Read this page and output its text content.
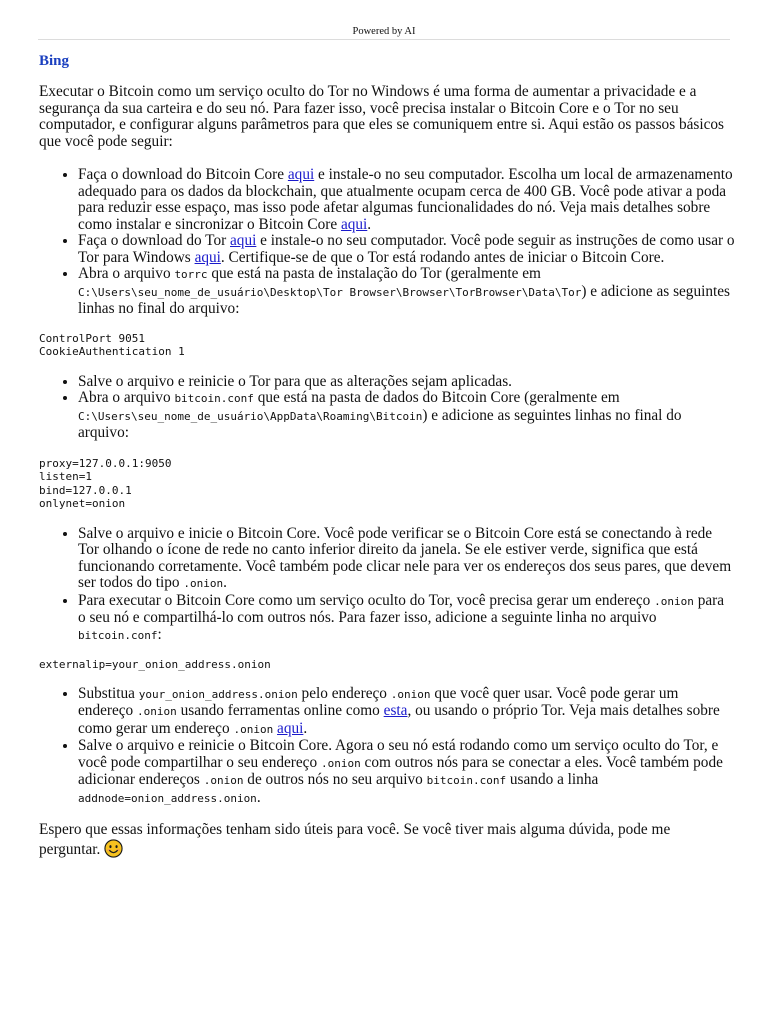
Powered by AI
Bing

Executar o Bitcoin como um serviço oculto do Tor no Windows é uma forma de aumentar a privacidade e a segurança da sua carteira e do seu nó. Para fazer isso, você precisa instalar o Bitcoin Core e o Tor no seu computador, e configurar alguns parâmetros para que eles se comuniquem entre si. Aqui estão os passos básicos que você pode seguir:

• Faça o download do Bitcoin Core aqui e instale-o no seu computador. Escolha um local de armazenamento adequado para os dados da blockchain, que atualmente ocupam cerca de 400 GB. Você pode ativar a poda para reduzir esse espaço, mas isso pode afetar algumas funcionalidades do nó. Veja mais detalhes sobre como instalar e sincronizar o Bitcoin Core aqui.
• Faça o download do Tor aqui e instale-o no seu computador. Você pode seguir as instruções de como usar o Tor para Windows aqui. Certifique-se de que o Tor está rodando antes de iniciar o Bitcoin Core.
• Abra o arquivo torrc que está na pasta de instalação do Tor (geralmente em C:\Users\seu_nome_de_usuário\Desktop\Tor Browser\Browser\TorBrowser\Data\Tor) e adicione as seguintes linhas no final do arquivo:
ControlPort 9051
CookieAuthentication 1
• Salve o arquivo e reinicie o Tor para que as alterações sejam aplicadas.
• Abra o arquivo bitcoin.conf que está na pasta de dados do Bitcoin Core (geralmente em C:\Users\seu_nome_de_usuário\AppData\Roaming\Bitcoin) e adicione as seguintes linhas no final do arquivo:
proxy=127.0.0.1:9050
listen=1
bind=127.0.0.1
onlynet=onion
• Salve o arquivo e inicie o Bitcoin Core. Você pode verificar se o Bitcoin Core está se conectando à rede Tor olhando o ícone de rede no canto inferior direito da janela. Se ele estiver verde, significa que está funcionando corretamente. Você também pode clicar nele para ver os endereços dos seus pares, que devem ser todos do tipo .onion.
• Para executar o Bitcoin Core como um serviço oculto do Tor, você precisa gerar um endereço .onion para o seu nó e compartilhá-lo com outros nós. Para fazer isso, adicione a seguinte linha no arquivo bitcoin.conf:
externalip=your_onion_address.onion
• Substitua your_onion_address.onion pelo endereço .onion que você quer usar. Você pode gerar um endereço .onion usando ferramentas online como esta, ou usando o próprio Tor. Veja mais detalhes sobre como gerar um endereço .onion aqui.
• Salve o arquivo e reinicie o Bitcoin Core. Agora o seu nó está rodando como um serviço oculto do Tor, e você pode compartilhar o seu endereço .onion com outros nós para se conectar a eles. Você também pode adicionar endereços .onion de outros nós no seu arquivo bitcoin.conf usando a linha addnode=onion_address.onion.

Espero que essas informações tenham sido úteis para você. Se você tiver mais alguma dúvida, pode me perguntar.
